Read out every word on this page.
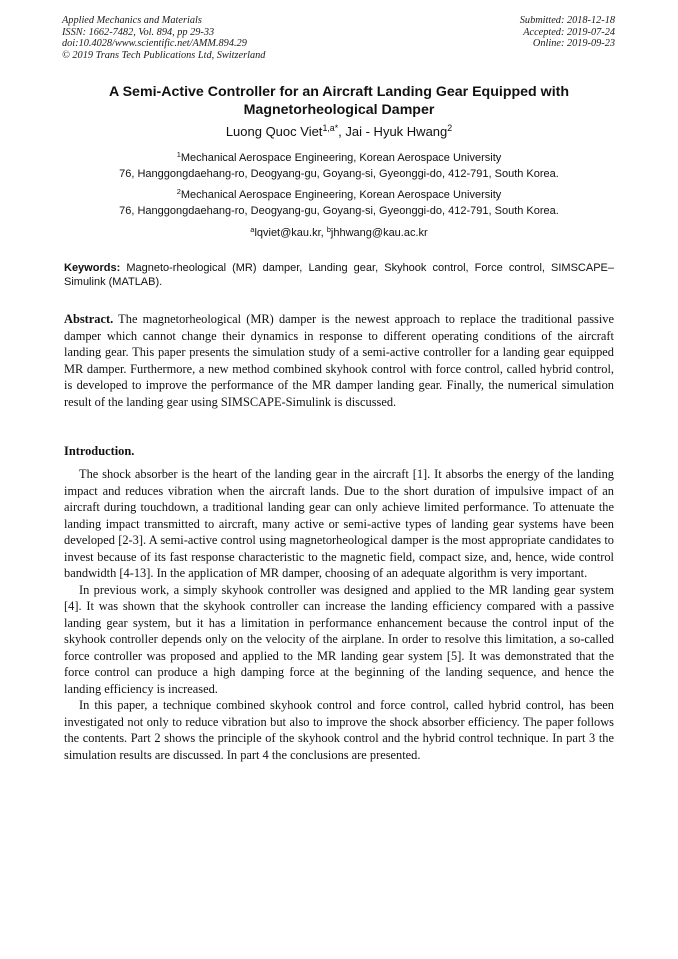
Applied Mechanics and Materials
ISSN: 1662-7482, Vol. 894, pp 29-33
doi:10.4028/www.scientific.net/AMM.894.29
© 2019 Trans Tech Publications Ltd, Switzerland
Submitted: 2018-12-18
Accepted: 2019-07-24
Online: 2019-09-23
A Semi-Active Controller for an Aircraft Landing Gear Equipped with Magnetorheological Damper
Luong Quoc Viet$^{1,a*}$, Jai - Hyuk Hwang$^2$
$^1$Mechanical Aerospace Engineering, Korean Aerospace University
76, Hanggongdaehang-ro, Deogyang-gu, Goyang-si, Gyeonggi-do, 412-791, South Korea.
$^2$Mechanical Aerospace Engineering, Korean Aerospace University
76, Hanggongdaehang-ro, Deogyang-gu, Goyang-si, Gyeonggi-do, 412-791, South Korea.
$^a$lqviet@kau.kr, $^b$jhhwang@kau.ac.kr
Keywords: Magneto-rheological (MR) damper, Landing gear, Skyhook control, Force control, SIMSCAPE– Simulink (MATLAB).
Abstract. The magnetorheological (MR) damper is the newest approach to replace the traditional passive damper which cannot change their dynamics in response to different operating conditions of the aircraft landing gear. This paper presents the simulation study of a semi-active controller for a landing gear equipped MR damper. Furthermore, a new method combined skyhook control with force control, called hybrid control, is developed to improve the performance of the MR damper landing gear. Finally, the numerical simulation result of the landing gear using SIMSCAPE-Simulink is discussed.
Introduction.

The shock absorber is the heart of the landing gear in the aircraft [1]. It absorbs the energy of the landing impact and reduces vibration when the aircraft lands. Due to the short duration of impulsive impact of an aircraft during touchdown, a traditional landing gear can only achieve limited performance. To attenuate the landing impact transmitted to aircraft, many active or semi-active types of landing gear systems have been developed [2-3]. A semi-active control using magnetorheological damper is the most appropriate candidates to invest because of its fast response characteristic to the magnetic field, compact size, and, hence, wide control bandwidth [4-13]. In the application of MR damper, choosing of an adequate algorithm is very important.

In previous work, a simply skyhook controller was designed and applied to the MR landing gear system [4]. It was shown that the skyhook controller can increase the landing efficiency compared with a passive landing gear system, but it has a limitation in performance enhancement because the control input of the skyhook controller depends only on the velocity of the airplane. In order to resolve this limitation, a so-called force controller was proposed and applied to the MR landing gear system [5]. It was demonstrated that the force control can produce a high damping force at the beginning of the landing sequence, and hence the landing efficiency is increased.

In this paper, a technique combined skyhook control and force control, called hybrid control, has been investigated not only to reduce vibration but also to improve the shock absorber efficiency. The paper follows the contents. Part 2 shows the principle of the skyhook control and the hybrid control technique. In part 3 the simulation results are discussed. In part 4 the conclusions are presented.
